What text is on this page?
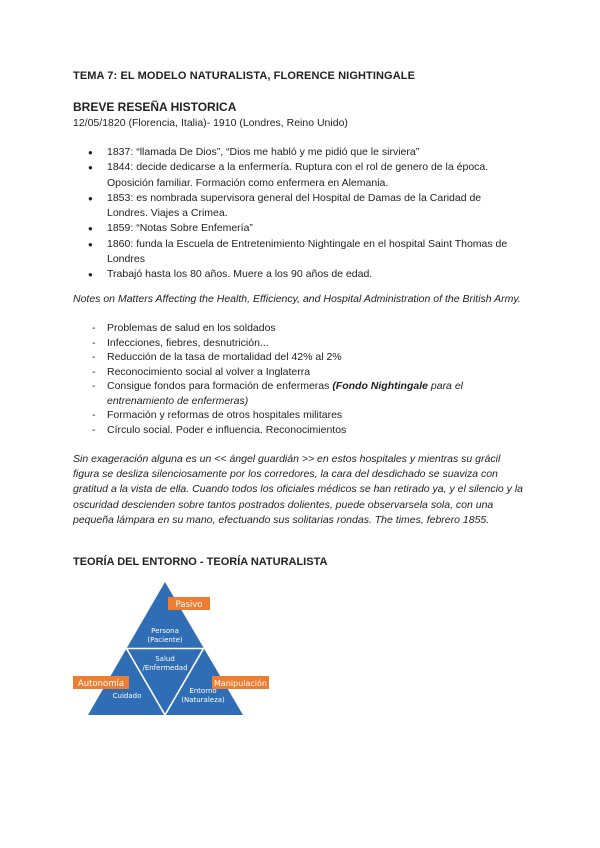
TEMA 7: EL MODELO NATURALISTA, FLORENCE NIGHTINGALE
BREVE RESEÑA HISTORICA
12/05/1820 (Florencia, Italia)- 1910 (Londres, Reino Unido)
● 1837: “llamada De Dios”, “Dios me habló y me pidió que le sirviera”
● 1844: decide dedicarse a la enfermería. Ruptura con el rol de genero de la época. Oposición familiar. Formación como enfermera en Alemania.
● 1853: es nombrada supervisora general del Hospital de Damas de la Caridad de Londres. Viajes a Crimea.
● 1859: “Notas Sobre Enfemería”
● 1860: funda la Escuela de Entretenimiento Nightingale en el hospital Saint Thomas de Londres
● Trabajó hasta los 80 años. Muere a los 90 años de edad.
Notes on Matters Affecting the Health, Efficiency, and Hospital Administration of the British Army.
- Problemas de salud en los soldados
- Infecciones, fiebres, desnutrición...
- Reducción de la tasa de mortalidad del 42% al 2%
- Reconocimiento social al volver a Inglaterra
- Consigue fondos para formación de enfermeras (Fondo Nightingale para el entrenamiento de enfermeras)
- Formación y reformas de otros hospitales militares
- Círculo social. Poder e influencia. Reconocimientos
Sin exageración alguna es un << ángel guardián >> en estos hospitales y mientras su grácil figura se desliza silenciosamente por los corredores, la cara del desdichado se suaviza con gratitud a la vista de ella. Cuando todos los oficiales médicos se han retirado ya, y el silencio y la oscuridad descienden sobre tantos postrados dolientes, puede observarsela sola, con una pequeña lámpara en su mano, efectuando sus solitarias rondas. The times, febrero 1855.
TEORÍA DEL ENTORNO - TEORÍA NATURALISTA
Pasivo
Autonomía	Manipulación
Persona
(Paciente)
Salud
/Enfermedad
Cuidado
Entorno
(Naturaleza)
